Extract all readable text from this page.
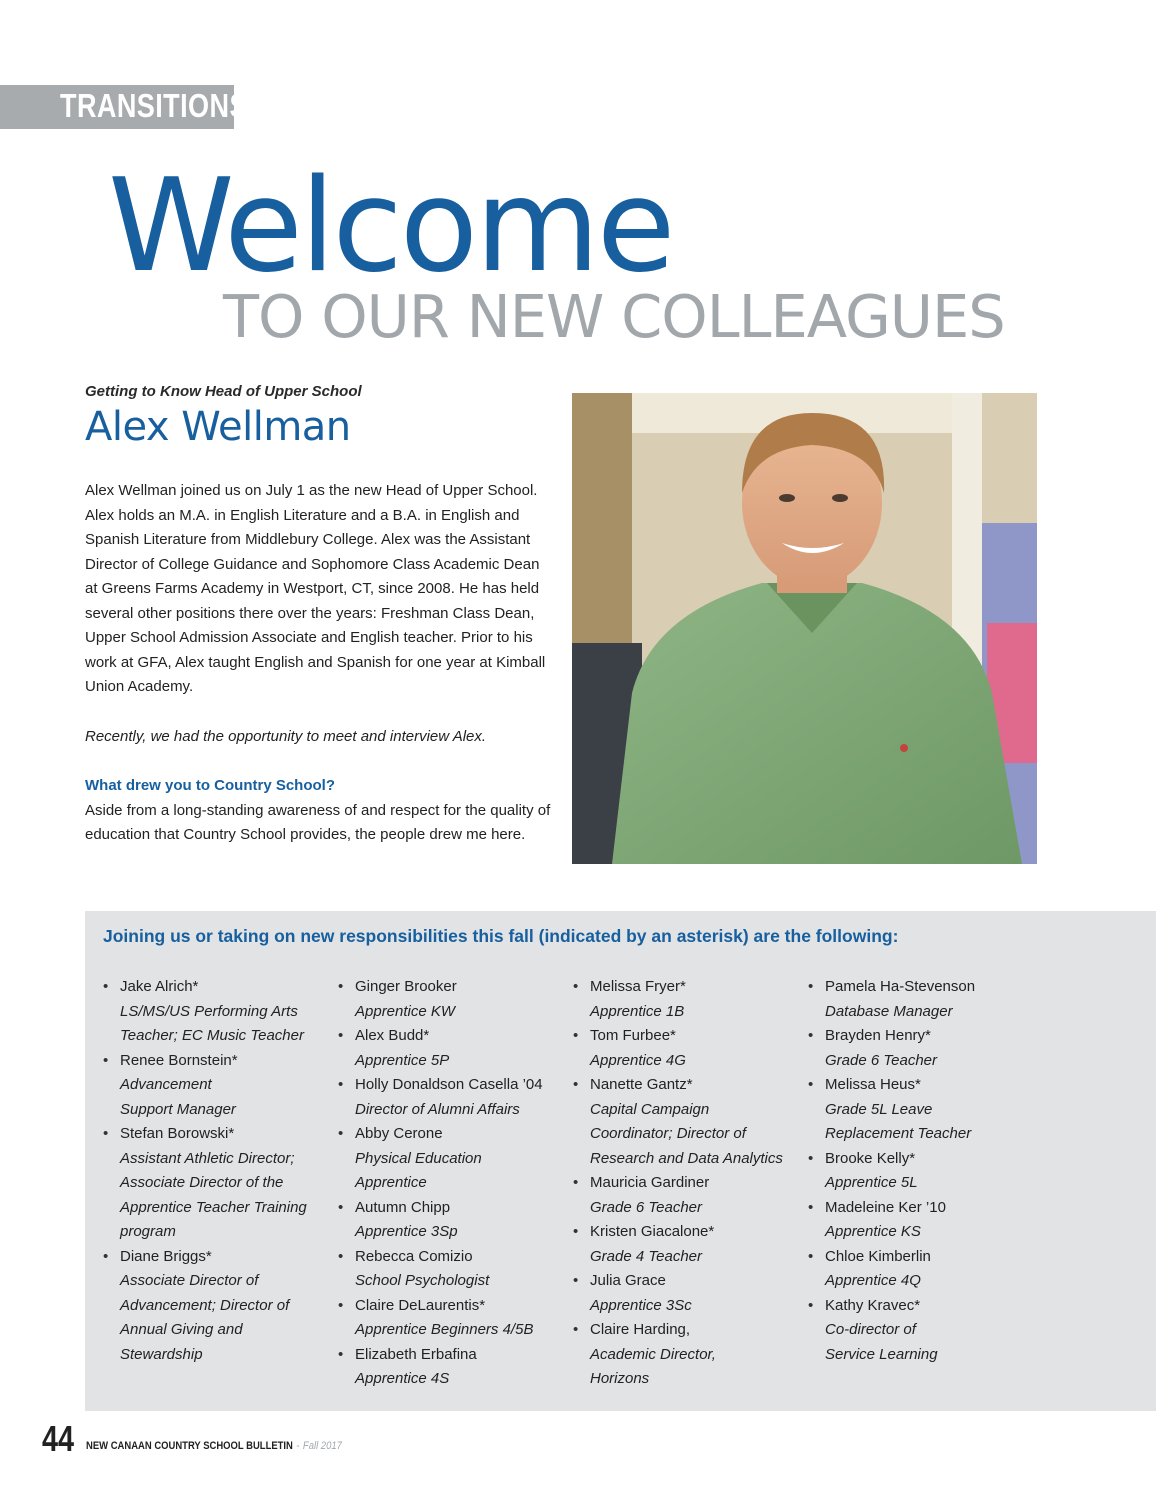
TRANSITIONS
Welcome
TO OUR NEW COLLEAGUES
Getting to Know Head of Upper School
Alex Wellman

Alex Wellman joined us on July 1 as the new Head of Upper School. Alex holds an M.A. in English Literature and a B.A. in English and Spanish Literature from Middlebury College. Alex was the Assistant Director of College Guidance and Sophomore Class Academic Dean at Greens Farms Academy in Westport, CT, since 2008. He has held several other positions there over the years: Freshman Class Dean, Upper School Admission Associate and English teacher. Prior to his work at GFA, Alex taught English and Spanish for one year at Kimball Union Academy.

Recently, we had the opportunity to meet and interview Alex.

What drew you to Country School?

Aside from a long-standing awareness of and respect for the quality of education that Country School provides, the people drew me here.

Joining us or taking on new responsibilities this fall (indicated by an asterisk) are the following:
• Jake Alrich*
LS/MS/US Performing Arts Teacher; EC Music Teacher
• Renee Bornstein*
Advancement Support Manager
• Stefan Borowski*
Assistant Athletic Director; Associate Director of the Apprentice Teacher Training program
• Diane Briggs*
Associate Director of Advancement; Director of Annual Giving and Stewardship
• Ginger Brooker
Apprentice KW
• Alex Budd*
Apprentice 5P
• Holly Donaldson Casella ’04
Director of Alumni Affairs
• Abby Cerone
Physical Education Apprentice
• Autumn Chipp
Apprentice 3Sp
• Rebecca Comizio
School Psychologist
• Claire DeLaurentis*
Apprentice Beginners 4/5B
• Elizabeth Erbafina
Apprentice 4S
• Melissa Fryer*
Apprentice 1B
• Tom Furbee*
Apprentice 4G
• Nanette Gantz*
Capital Campaign Coordinator; Director of Research and Data Analytics
• Mauricia Gardiner
Grade 6 Teacher
• Kristen Giacalone*
Grade 4 Teacher
• Julia Grace
Apprentice 3Sc
• Claire Harding,
Academic Director, Horizons
• Pamela Ha-Stevenson
Database Manager
• Brayden Henry*
Grade 6 Teacher
• Melissa Heus*
Grade 5L Leave Replacement Teacher
• Brooke Kelly*
Apprentice 5L
• Madeleine Ker ’10
Apprentice KS
• Chloe Kimberlin
Apprentice 4Q
• Kathy Kravec*
Co-director of Service Learning
44 NEW CANAAN COUNTRY SCHOOL BULLETIN - Fall 2017
